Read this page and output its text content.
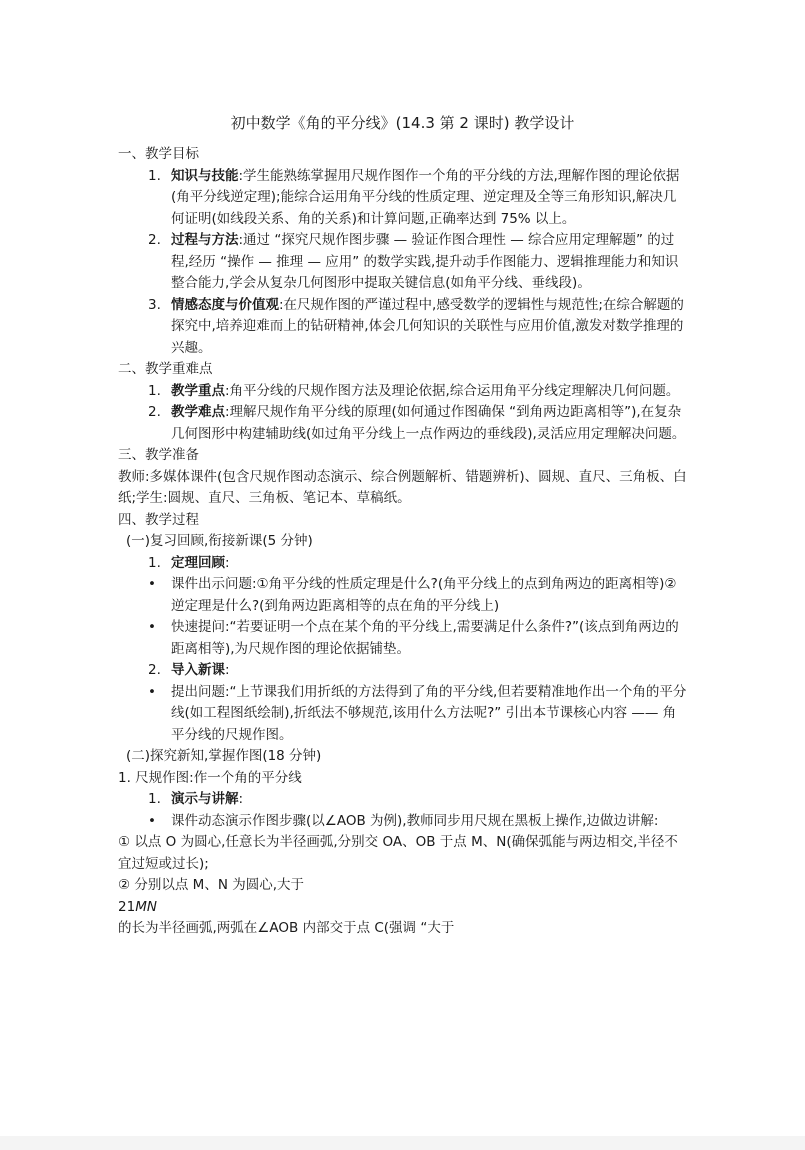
初中数学《角的平分线》(14.3 第 2 课时) 教学设计
一、教学目标
1. 知识与技能:学生能熟练掌握用尺规作图作一个角的平分线的方法,理解作图的理论依据(角平分线逆定理);能综合运用角平分线的性质定理、逆定理及全等三角形知识,解决几何证明(如线段关系、角的关系)和计算问题,正确率达到 75% 以上。
2. 过程与方法:通过 “探究尺规作图步骤 — 验证作图合理性 — 综合应用定理解题” 的过程,经历 “操作 — 推理 — 应用” 的数学实践,提升动手作图能力、逻辑推理能力和知识整合能力,学会从复杂几何图形中提取关键信息(如角平分线、垂线段)。
3. 情感态度与价值观:在尺规作图的严谨过程中,感受数学的逻辑性与规范性;在综合解题的探究中,培养迎难而上的钻研精神,体会几何知识的关联性与应用价值,激发对数学推理的兴趣。
二、教学重难点
1. 教学重点:角平分线的尺规作图方法及理论依据,综合运用角平分线定理解决几何问题。
2. 教学难点:理解尺规作角平分线的原理(如何通过作图确保 “到角两边距离相等”),在复杂几何图形中构建辅助线(如过角平分线上一点作两边的垂线段),灵活应用定理解决问题。
三、教学准备
教师:多媒体课件(包含尺规作图动态演示、综合例题解析、错题辨析)、圆规、直尺、三角板、白纸;学生:圆规、直尺、三角板、笔记本、草稿纸。
四、教学过程
(一)复习回顾,衔接新课(5 分钟)
1. 定理回顾:
•	课件出示问题:①角平分线的性质定理是什么?(角平分线上的点到角两边的距离相等)②逆定理是什么?(到角两边距离相等的点在角的平分线上)
•	快速提问:“若要证明一个点在某个角的平分线上,需要满足什么条件?”(该点到角两边的距离相等),为尺规作图的理论依据铺垫。
2. 导入新课:
•	提出问题:“上节课我们用折纸的方法得到了角的平分线,但若要精准地作出一个角的平分线(如工程图纸绘制),折纸法不够规范,该用什么方法呢?” 引出本节课核心内容 —— 角平分线的尺规作图。
(二)探究新知,掌握作图(18 分钟)
1. 尺规作图:作一个角的平分线
1. 演示与讲解:
•	课件动态演示作图步骤(以∠AOB 为例),教师同步用尺规在黑板上操作,边做边讲解:
① 以点 O 为圆心,任意长为半径画弧,分别交 OA、OB 于点 M、N(确保弧能与两边相交,半径不宜过短或过长);
② 分别以点 M、N 为圆心,大于
21MN
的长为半径画弧,两弧在∠AOB 内部交于点 C(强调 “大于
